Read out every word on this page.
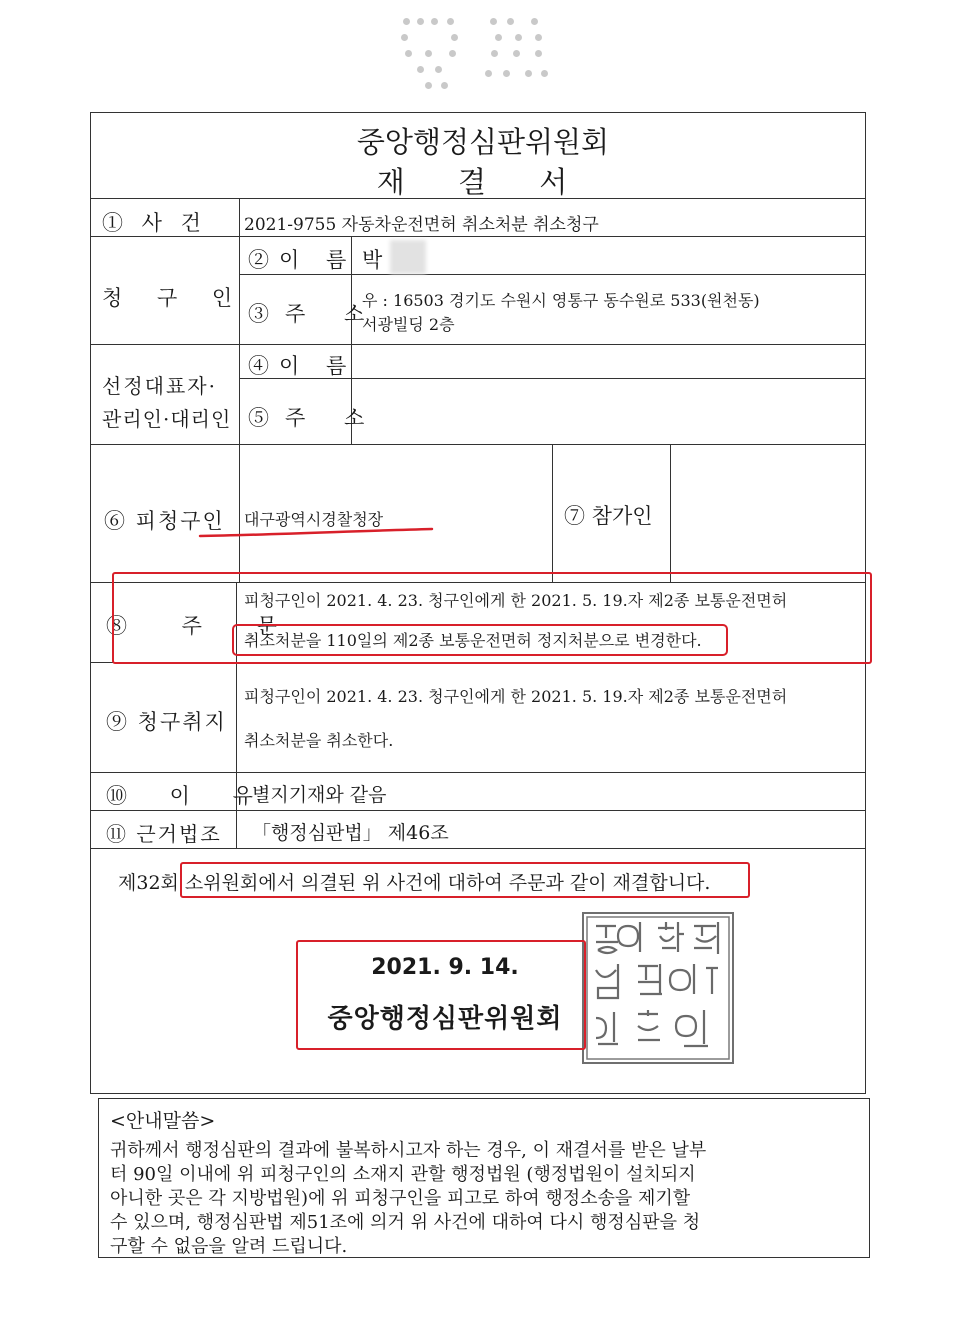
중앙행정심판위원회
재 결 서
① 사 건 2021-9755 자동차운전면허 취소처분 취소청구
청 구 인
②이 름 박
③주 소
우 : 16503 경기도 수원시 영통구 동수원로 533(원천동)
서광빌딩 2층
선정대표자·
관리인·대리인
④이 름
⑤주 소
⑥ 피청구인 대구광역시경찰청장	⑦ 참가인
⑧ 주 문
피청구인이 2021. 4. 23. 청구인에게 한 2021. 5. 19.자 제2종 보통운전면허
취소처분을 110일의 제2종 보통운전면허 정지처분으로 변경한다.
⑨ 청구취지
피청구인이 2021. 4. 23. 청구인에게 한 2021. 5. 19.자 제2종 보통운전면허
취소처분을 취소한다.
⑩ 이 유
별지기재와 같음
⑪ 근거법조 「행정심판법」 제46조
제32회 소위원회에서 의결된 위 사건에 대하여 주문과 같이 재결합니다.
2021. 9. 14.
중앙행정심판위원회
<안내말씀>
귀하께서 행정심판의 결과에 불복하시고자 하는 경우, 이 재결서를 받은 날부
터 90일 이내에 위 피청구인의 소재지 관할 행정법원 (행정법원이 설치되지
아니한 곳은 각 지방법원)에 위 피청구인을 피고로 하여 행정소송을 제기할
수 있으며, 행정심판법 제51조에 의거 위 사건에 대하여 다시 행정심판을 청
구할 수 없음을 알려 드립니다.
